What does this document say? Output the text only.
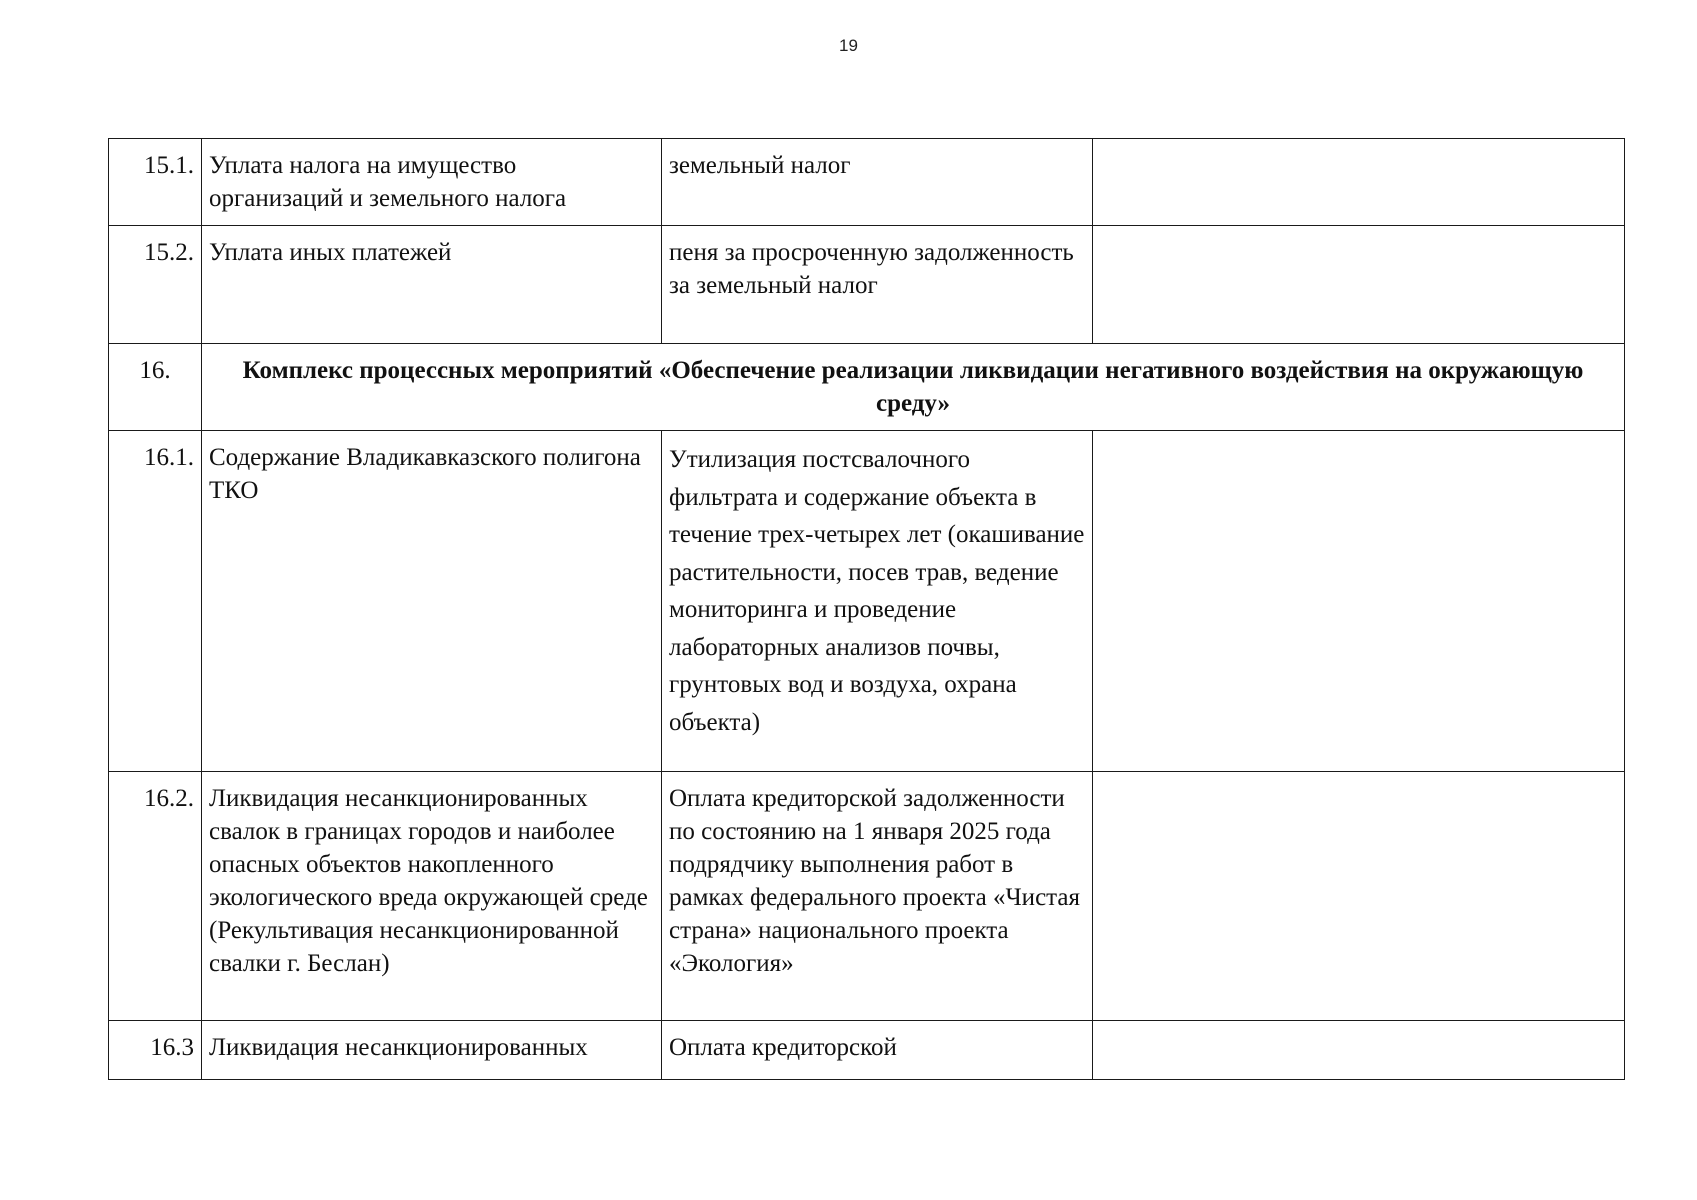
19
15.1.	Уплата налога на имущество организаций и земельного налога	земельный налог	
15.2.	Уплата иных платежей	пеня за просроченную задолженность за земельный налог	
16.	Комплекс процессных мероприятий «Обеспечение реализации ликвидации негативного воздействия на окружающую среду»		
16.1.	Содержание Владикавказского полигона ТКО	Утилизация постсвалочного фильтрата и содержание объекта в течение трех-четырех лет (окашивание растительности, посев трав, ведение мониторинга и проведение лабораторных анализов почвы, грунтовых вод и воздуха, охрана объекта)	
16.2.	Ликвидация несанкционированных свалок в границах городов и наиболее опасных объектов накопленного экологического вреда окружающей среде (Рекультивация несанкционированной свалки г. Беслан)	Оплата кредиторской задолженности по состоянию на 1 января 2025 года подрядчику выполнения работ в рамках федерального проекта «Чистая страна» национального проекта «Экология»	
16.3	Ликвидация несанкционированных	Оплата кредиторской	
